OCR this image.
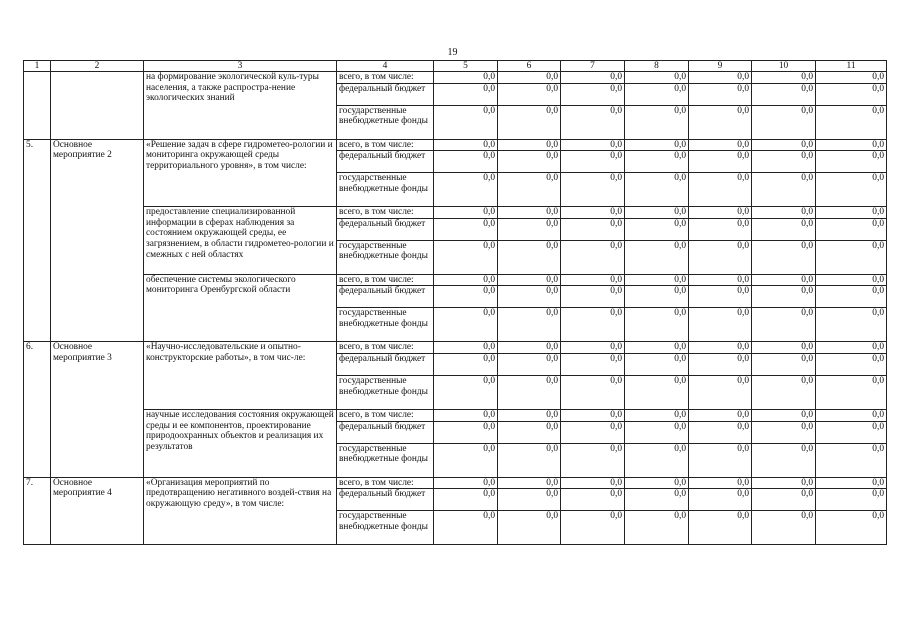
19
1	2	3	4	5	6	7	8	9	10	11
		на формирование экологической куль-туры населения, а также распростра-нение экологических знаний	всего, в том числе:	0,0	0,0	0,0	0,0	0,0	0,0	0,0
			федеральный бюджет	0,0	0,0	0,0	0,0	0,0	0,0	0,0
			государственные внебюджетные фонды	0,0	0,0	0,0	0,0	0,0	0,0	0,0
5.	Основное мероприятие 2	«Решение задач в сфере гидрометео-рологии и мониторинга окружающей среды территориального уровня», в том числе:	всего, в том числе:	0,0	0,0	0,0	0,0	0,0	0,0	0,0
			федеральный бюджет	0,0	0,0	0,0	0,0	0,0	0,0	0,0
			государственные внебюджетные фонды	0,0	0,0	0,0	0,0	0,0	0,0	0,0
		предоставление специализированной информации в сферах наблюдения за состоянием окружающей среды, ее загрязнением, в области гидрометео-рологии и смежных с ней областях	всего, в том числе:	0,0	0,0	0,0	0,0	0,0	0,0	0,0
			федеральный бюджет	0,0	0,0	0,0	0,0	0,0	0,0	0,0
			государственные внебюджетные фонды	0,0	0,0	0,0	0,0	0,0	0,0	0,0
		обеспечение системы экологического мониторинга Оренбургской области	всего, в том числе:	0,0	0,0	0,0	0,0	0,0	0,0	0,0
			федеральный бюджет	0,0	0,0	0,0	0,0	0,0	0,0	0,0
			государственные внебюджетные фонды	0,0	0,0	0,0	0,0	0,0	0,0	0,0
6.	Основное мероприятие 3	«Научно-исследовательские и опытно-конструкторские работы», в том чис-ле:	всего, в том числе:	0,0	0,0	0,0	0,0	0,0	0,0	0,0
			федеральный бюджет	0,0	0,0	0,0	0,0	0,0	0,0	0,0
			государственные внебюджетные фонды	0,0	0,0	0,0	0,0	0,0	0,0	0,0
		научные исследования состояния окружающей среды и ее компонентов, проектирование природоохранных объектов и реализация их результатов	всего, в том числе:	0,0	0,0	0,0	0,0	0,0	0,0	0,0
			федеральный бюджет	0,0	0,0	0,0	0,0	0,0	0,0	0,0
			государственные внебюджетные фонды	0,0	0,0	0,0	0,0	0,0	0,0	0,0
7.	Основное мероприятие 4	«Организация мероприятий по предотвращению негативного воздей-ствия на окружающую среду», в том числе:	всего, в том числе:	0,0	0,0	0,0	0,0	0,0	0,0	0,0
			федеральный бюджет	0,0	0,0	0,0	0,0	0,0	0,0	0,0
			государственные внебюджетные фонды	0,0	0,0	0,0	0,0	0,0	0,0	0,0
